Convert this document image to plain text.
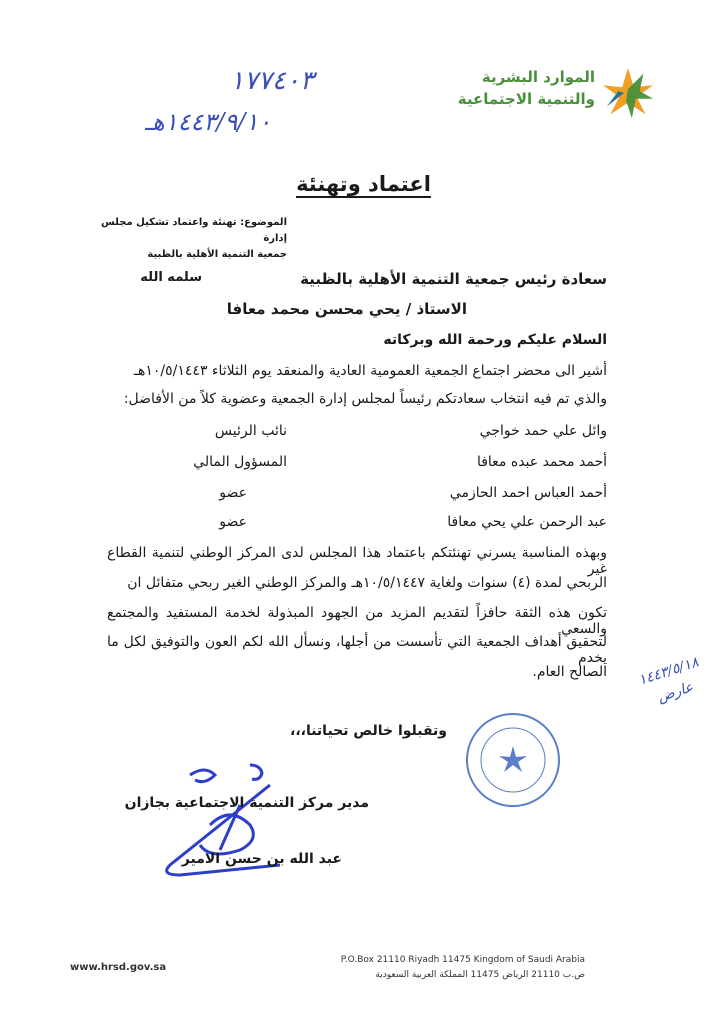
الموارد البشرية
والتنمية الاجتماعية
١٧٧٤٠٣
١٤٤٣/٩/١٠هـ
اعتماد وتهنئة
الموضوع: تهنئة واعتماد تشكيل مجلس إدارة
جمعية التنمية الأهلية بالظبية
سعادة رئيس جمعية التنمية الأهلية بالظبية
سلمه الله
الاستاذ / يحي محسن محمد معافا
السلام عليكم ورحمة الله وبركاته
أشير الى محضر اجتماع الجمعية العمومية العادية والمنعقد يوم الثلاثاء ١٠/٥/١٤٤٣هـ
والذي تم فيه انتخاب سعادتكم رئيساً لمجلس إدارة الجمعية وعضوية كلاً من الأفاضل:
وائل علي حمد خواجي
نائب الرئيس
أحمد محمد عبده معافا
المسؤول المالي
أحمد العباس احمد الحازمي
عضو
عبد الرحمن علي يحي معافا
عضو
وبهذه المناسبة يسرني تهنئتكم باعتماد هذا المجلس لدى المركز الوطني لتنمية القطاع غير
الربحي لمدة (٤) سنوات ولغاية ١٠/٥/١٤٤٧هـ والمركز الوطني الغير ربحي متفائل ان
تكون هذه الثقة حافزاً لتقديم المزيد من الجهود المبذولة لخدمة المستفيد والمجتمع والسعي
لتحقيق أهداف الجمعية التي تأسست من أجلها، ونسأل الله لكم العون والتوفيق لكل ما يخدم
الصالح العام.
وتقبلوا خالص تحياتنا،،،
مدير مركز التنمية الاجتماعية بجازان
عبد الله بن حسن الامير
١٤٤٣/٥/١٨ عارض
www.hrsd.gov.sa
P.O.Box 21110 Riyadh 11475 Kingdom of Saudi Arabia
ص.ب 21110 الرياض 11475 المملكة العربية السعودية
